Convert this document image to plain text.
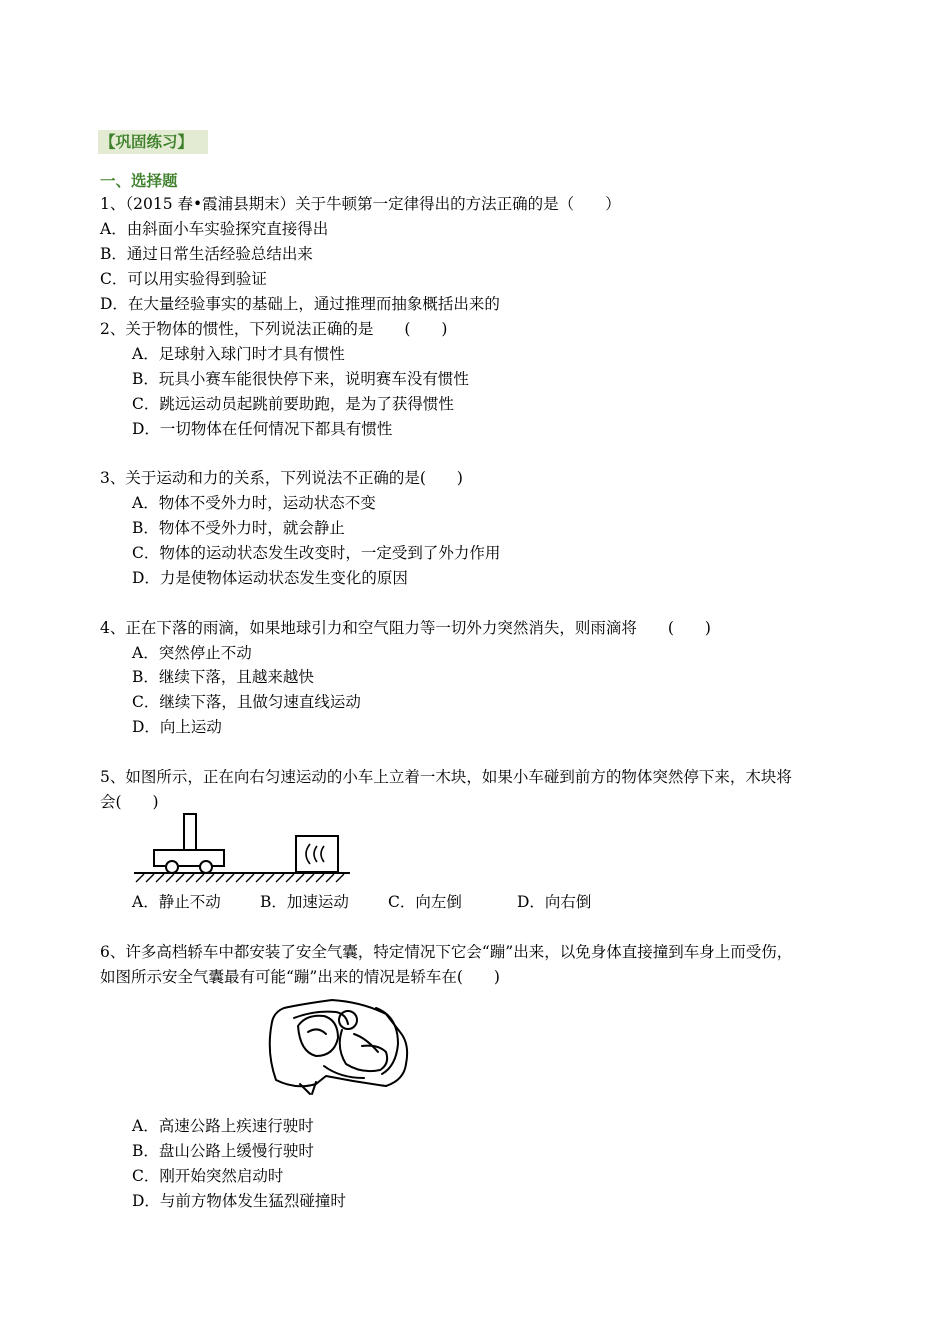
【巩固练习】
一、选择题
1、（2015 春•霞浦县期末）关于牛顿第一定律得出的方法正确的是（　　）
A．由斜面小车实验探究直接得出
B．通过日常生活经验总结出来
C．可以用实验得到验证
D．在大量经验事实的基础上，通过推理而抽象概括出来的
2、关于物体的惯性，下列说法正确的是　　(　　)
A．足球射入球门时才具有惯性
B．玩具小赛车能很快停下来，说明赛车没有惯性
C．跳远运动员起跳前要助跑，是为了获得惯性
D．一切物体在任何情况下都具有惯性
3、关于运动和力的关系，下列说法不正确的是(　　)
A．物体不受外力时，运动状态不变
B．物体不受外力时，就会静止
C．物体的运动状态发生改变时，一定受到了外力作用
D．力是使物体运动状态发生变化的原因
4、正在下落的雨滴，如果地球引力和空气阻力等一切外力突然消失，则雨滴将　　(　　)
A．突然停止不动
B．继续下落，且越来越快
C．继续下落，且做匀速直线运动
D．向上运动
5、如图所示，正在向右匀速运动的小车上立着一木块，如果小车碰到前方的物体突然停下来，木块将
会(　　)
A．静止不动	B．加速运动	C．向左倒	D．向右倒
6、许多高档轿车中都安装了安全气囊，特定情况下它会“蹦”出来，以免身体直接撞到车身上而受伤，
如图所示安全气囊最有可能“蹦”出来的情况是轿车在(　　)
A．高速公路上疾速行驶时
B．盘山公路上缓慢行驶时
C．刚开始突然启动时
D．与前方物体发生猛烈碰撞时
